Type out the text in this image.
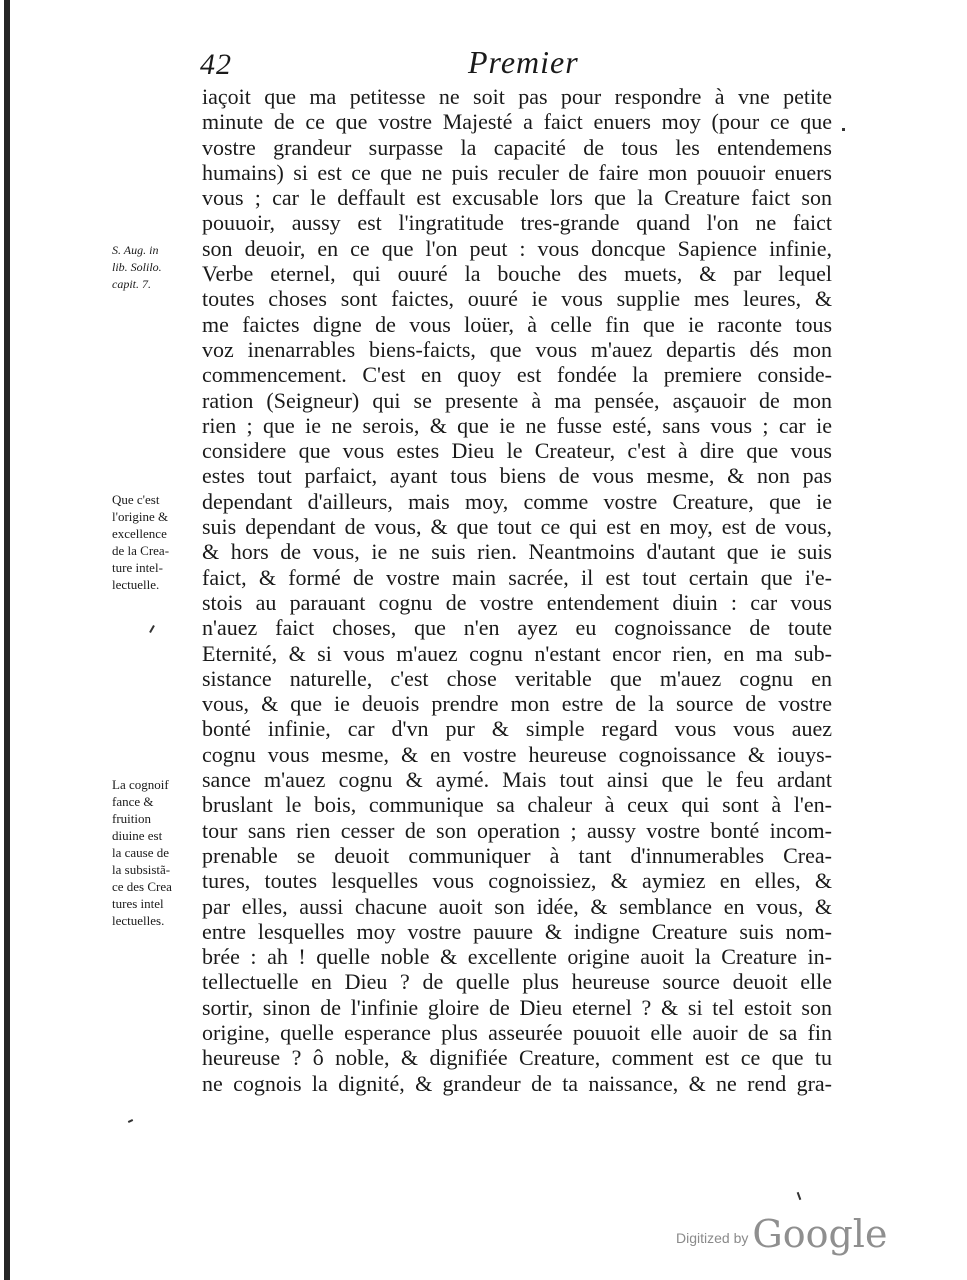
42	Premier
S. Aug. in
lib. Solilo.
capit. 7.
Que c'est
l'origine &
excellence
de la Crea-
ture intel-
lectuelle.
La cognoif
fance &
fruition
diuine est
la cause de
la subsistã-
ce des Crea
tures intel
lectuelles.
iaçoit que ma petitesse ne soit pas pour respondre à vne petite
minute de ce que vostre Majesté a faict enuers moy (pour ce que
vostre grandeur surpasse la capacité de tous les entendemens
humains) si est ce que ne puis reculer de faire mon pouuoir enuers
vous ; car le deffault est excusable lors que la Creature faict son
pouuoir, aussy est l'ingratitude tres-grande quand l'on ne faict
son deuoir, en ce que l'on peut : vous doncque Sapience infinie,
Verbe eternel, qui ouuré la bouche des muets, & par lequel
toutes choses sont faictes, ouuré ie vous supplie mes leures, &
me faictes digne de vous loüer, à celle fin que ie raconte tous
voz inenarrables biens-faicts, que vous m'auez departis dés mon
commencement. C'est en quoy est fondée la premiere conside-
ration (Seigneur) qui se presente à ma pensée, asçauoir de mon
rien ; que ie ne serois, & que ie ne fusse esté, sans vous ; car ie
considere que vous estes Dieu le Createur, c'est à dire que vous
estes tout parfaict, ayant tous biens de vous mesme, & non pas
dependant d'ailleurs, mais moy, comme vostre Creature, que ie
suis dependant de vous, & que tout ce qui est en moy, est de vous,
& hors de vous, ie ne suis rien. Neantmoins d'autant que ie suis
faict, & formé de vostre main sacrée, il est tout certain que i'e-
stois au parauant cognu de vostre entendement diuin : car vous
n'auez faict choses, que n'en ayez eu cognoissance de toute
Eternité, & si vous m'auez cognu n'estant encor rien, en ma sub-
sistance naturelle, c'est chose veritable que m'auez cognu en
vous, & que ie deuois prendre mon estre de la source de vostre
bonté infinie, car d'vn pur & simple regard vous vous auez
cognu vous mesme, & en vostre heureuse cognoissance & iouys-
sance m'auez cognu & aymé. Mais tout ainsi que le feu ardant
bruslant le bois, communique sa chaleur à ceux qui sont à l'en-
tour sans rien cesser de son operation ; aussy vostre bonté incom-
prenable se deuoit communiquer à tant d'innumerables Crea-
tures, toutes lesquelles vous cognoissiez, & aymiez en elles, &
par elles, aussi chacune auoit son idée, & semblance en vous, &
entre lesquelles moy vostre pauure & indigne Creature suis nom-
brée : ah ! quelle noble & excellente origine auoit la Creature in-
tellectuelle en Dieu ? de quelle plus heureuse source deuoit elle
sortir, sinon de l'infinie gloire de Dieu eternel ? & si tel estoit son
origine, quelle esperance plus asseurée pouuoit elle auoir de sa fin
heureuse ? ô noble, & dignifiée Creature, comment est ce que tu
ne cognois la dignité, & grandeur de ta naissance, & ne rend gra-
Digitized by Google
